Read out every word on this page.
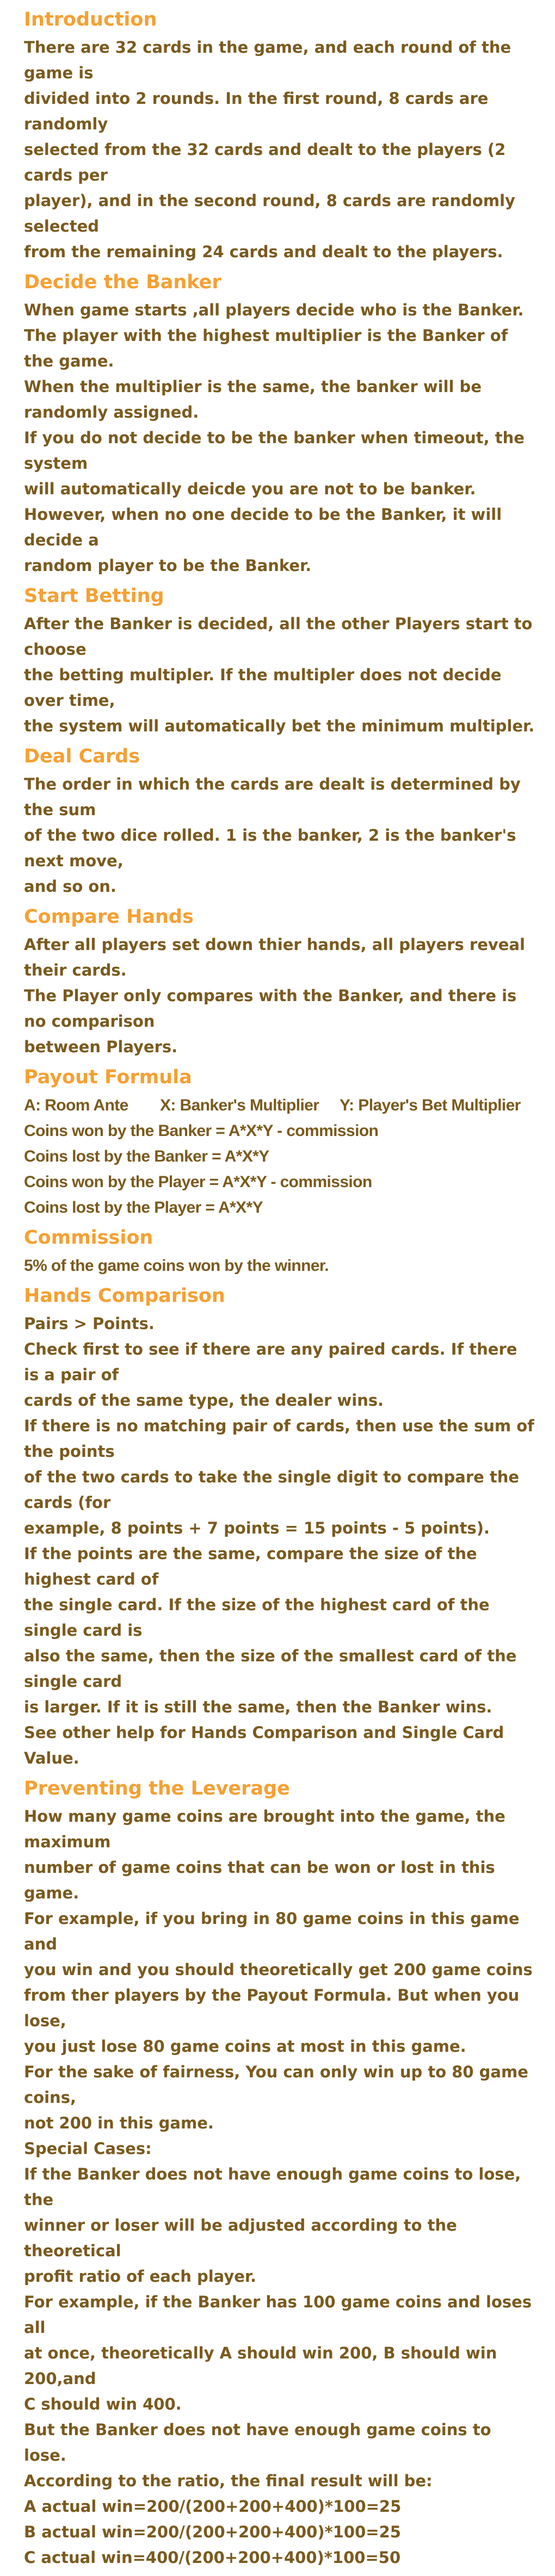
Introduction

There are 32 cards in the game, and each round of the game is

divided into 2 rounds. In the first round, 8 cards are randomly

selected from the 32 cards and dealt to the players (2 cards per

player), and in the second round, 8 cards are randomly selected

from the remaining 24 cards and dealt to the players.

Decide the Banker

When game starts ,all players decide who is the Banker.

The player with the highest multiplier is the Banker of the game.

When the multiplier is the same, the banker will be randomly assigned.

If you do not decide to be the banker when timeout, the system

will automatically deicde you are not to be banker.

However, when no one decide to be the Banker, it will decide a

random player to be the Banker.

Start Betting

After the Banker is decided, all the other Players start to choose

the betting multipler. If the multipler does not decide over time,

the system will automatically bet the minimum multipler.

Deal Cards

The order in which the cards are dealt is determined by the sum

of the two dice rolled. 1 is the banker, 2 is the banker's next move,

and so on.

Compare Hands

After all players set down thier hands, all players reveal their cards.

The Player only compares with the Banker, and there is no comparison

between Players.

Payout Formula
A: Room Ante	X: Banker's Multiplier	Y: Player's Bet Multiplier

Coins won by the Banker = A*X*Y - commission

Coins lost by the Banker = A*X*Y

Coins won by the Player = A*X*Y - commission

Coins lost by the Player = A*X*Y

Commission

5% of the game coins won by the winner.

Hands Comparison

Pairs > Points.

Check first to see if there are any paired cards. If there is a pair of

cards of the same type, the dealer wins.

If there is no matching pair of cards, then use the sum of the points

of the two cards to take the single digit to compare the cards (for

example, 8 points + 7 points = 15 points - 5 points).

If the points are the same, compare the size of the highest card of

the single card. If the size of the highest card of the single card is

also the same, then the size of the smallest card of the single card

is larger. If it is still the same, then the Banker wins.

See other help for Hands Comparison and Single Card Value.

Preventing the Leverage

How many game coins are brought into the game, the maximum

number of game coins that can be won or lost in this game.

For example, if you bring in 80 game coins in this game and

you win and you should theoretically get 200 game coins

from ther players by the Payout Formula. But when you lose,

you just lose 80 game coins at most in this game.

For the sake of fairness, You can only win up to 80 game coins,

not 200 in this game.

Special Cases:

If the Banker does not have enough game coins to lose, the

winner or loser will be adjusted according to the theoretical

profit ratio of each player.

For example, if the Banker has 100 game coins and loses all

at once, theoretically A should win 200, B should win 200,and

C should win 400.

But the Banker does not have enough game coins to lose.

According to the ratio, the final result will be:

A actual win=200/(200+200+400)*100=25

B actual win=200/(200+200+400)*100=25

C actual win=400/(200+200+400)*100=50
